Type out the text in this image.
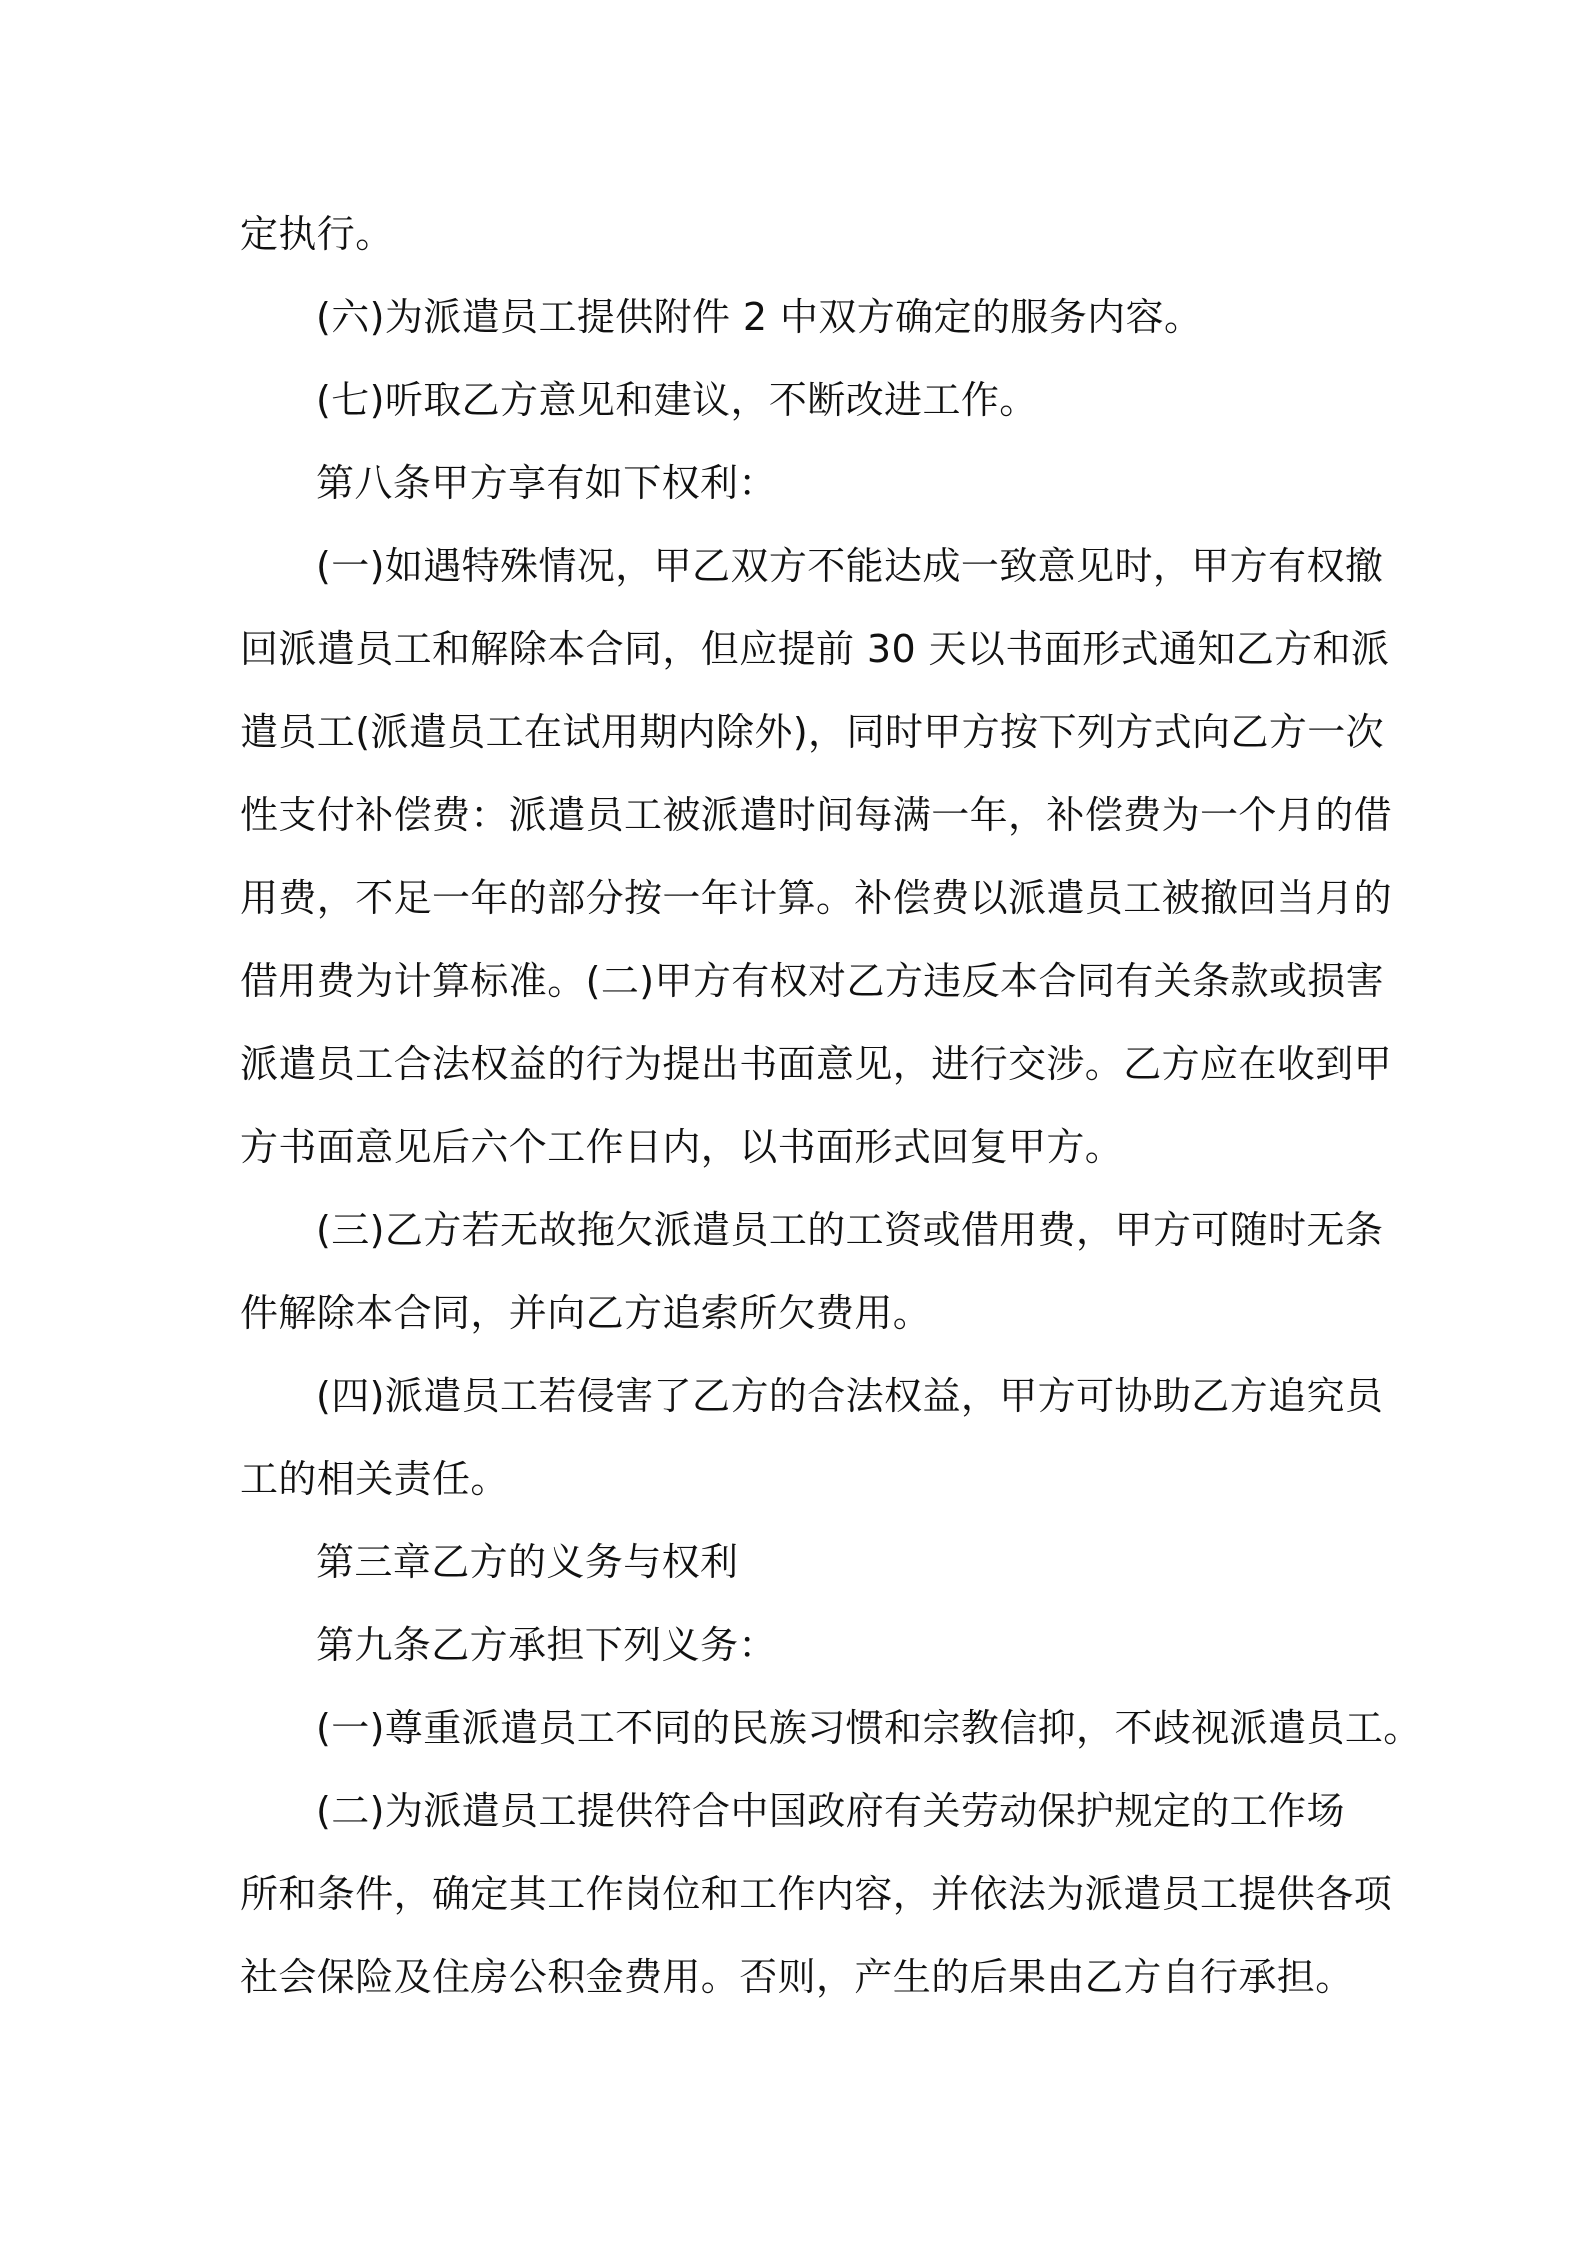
定执行。
(六)为派遣员工提供附件 2 中双方确定的服务内容。
(七)听取乙方意见和建议，不断改进工作。
第八条甲方享有如下权利：
(一)如遇特殊情况，甲乙双方不能达成一致意见时，甲方有权撤
回派遣员工和解除本合同，但应提前 30 天以书面形式通知乙方和派
遣员工(派遣员工在试用期内除外)，同时甲方按下列方式向乙方一次
性支付补偿费：派遣员工被派遣时间每满一年，补偿费为一个月的借
用费，不足一年的部分按一年计算。补偿费以派遣员工被撤回当月的
借用费为计算标准。(二)甲方有权对乙方违反本合同有关条款或损害
派遣员工合法权益的行为提出书面意见，进行交涉。乙方应在收到甲
方书面意见后六个工作日内，以书面形式回复甲方。
(三)乙方若无故拖欠派遣员工的工资或借用费，甲方可随时无条
件解除本合同，并向乙方追索所欠费用。
(四)派遣员工若侵害了乙方的合法权益，甲方可协助乙方追究员
工的相关责任。
第三章乙方的义务与权利
第九条乙方承担下列义务：
(一)尊重派遣员工不同的民族习惯和宗教信抑，不歧视派遣员工。
(二)为派遣员工提供符合中国政府有关劳动保护规定的工作场
所和条件，确定其工作岗位和工作内容，并依法为派遣员工提供各项
社会保险及住房公积金费用。否则，产生的后果由乙方自行承担。
